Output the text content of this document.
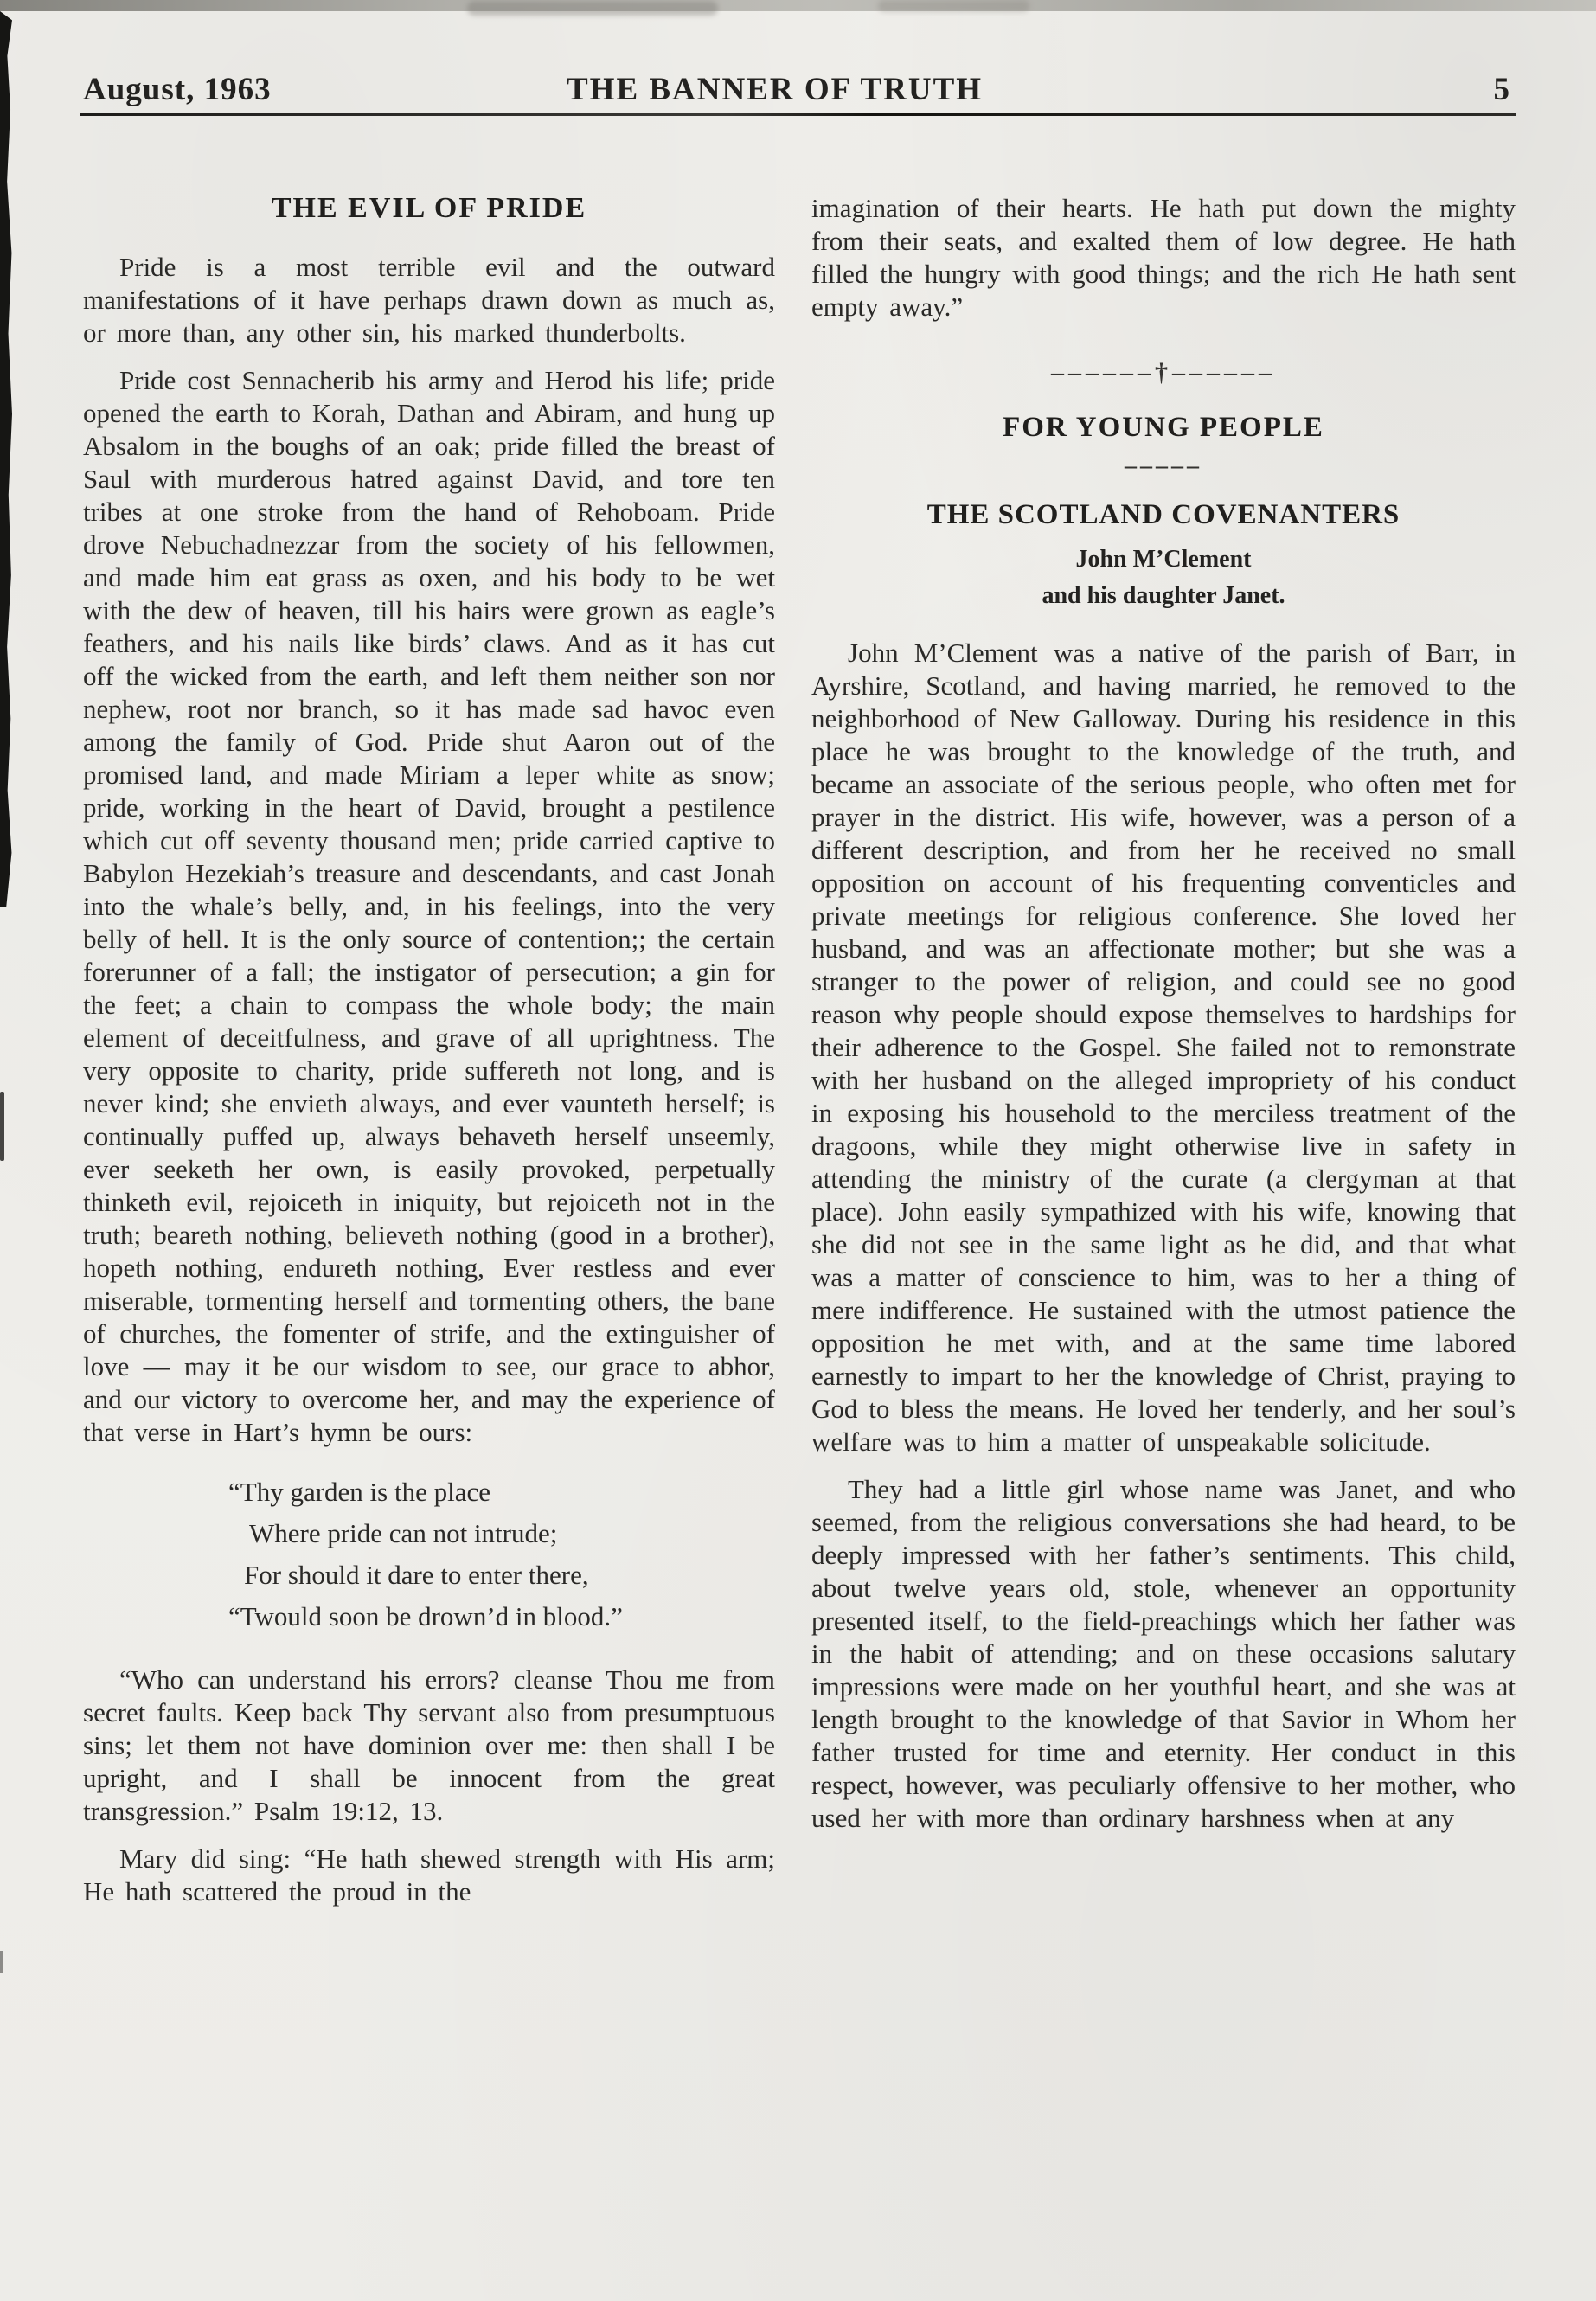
August, 1963	THE BANNER OF TRUTH	5
THE EVIL OF PRIDE

Pride is a most terrible evil and the outward manifestations of it have perhaps drawn down as much as, or more than, any other sin, his marked thunderbolts.

Pride cost Sennacherib his army and Herod his life; pride opened the earth to Korah, Dathan and Abiram, and hung up Absalom in the boughs of an oak; pride filled the breast of Saul with murderous hatred against David, and tore ten tribes at one stroke from the hand of Rehoboam. Pride drove Nebuchadnezzar from the society of his fellowmen, and made him eat grass as oxen, and his body to be wet with the dew of heaven, till his hairs were grown as eagle’s feathers, and his nails like birds’ claws. And as it has cut off the wicked from the earth, and left them neither son nor nephew, root nor branch, so it has made sad havoc even among the family of God. Pride shut Aaron out of the promised land, and made Miriam a leper white as snow; pride, working in the heart of David, brought a pestilence which cut off seventy thousand men; pride carried captive to Babylon Hezekiah’s treasure and descendants, and cast Jonah into the whale’s belly, and, in his feelings, into the very belly of hell. It is the only source of contention;; the certain forerunner of a fall; the instigator of persecution; a gin for the feet; a chain to compass the whole body; the main element of deceitfulness, and grave of all uprightness. The very opposite to charity, pride suffereth not long, and is never kind; she envieth always, and ever vaunteth herself; is continually puffed up, always behaveth herself unseemly, ever seeketh her own, is easily provoked, perpetually thinketh evil, rejoiceth in iniquity, but rejoiceth not in the truth; beareth nothing, believeth nothing (good in a brother), hopeth nothing, endureth nothing, Ever restless and ever miserable, tormenting herself and tormenting others, the bane of churches, the fomenter of strife, and the extinguisher of love — may it be our wisdom to see, our grace to abhor, and our victory to overcome her, and may the experience of that verse in Hart’s hymn be ours:

“Thy garden is the place
Where pride can not intrude;
For should it dare to enter there,
“Twould soon be drown’d in blood.”

“Who can understand his errors? cleanse Thou me from secret faults. Keep back Thy servant also from presumptuous sins; let them not have dominion over me: then shall I be upright, and I shall be innocent from the great transgression.” Psalm 19:12, 13.

Mary did sing: “He hath shewed strength with His arm; He hath scattered the proud in the

imagination of their hearts. He hath put down the mighty from their seats, and exalted them of low degree. He hath filled the hungry with good things; and the rich He hath sent empty away.”

––––––†––––––
FOR YOUNG PEOPLE
–––––
THE SCOTLAND COVENANTERS
John M’Clement
and his daughter Janet.

John M’Clement was a native of the parish of Barr, in Ayrshire, Scotland, and having married, he removed to the neighborhood of New Galloway. During his residence in this place he was brought to the knowledge of the truth, and became an associate of the serious people, who often met for prayer in the district. His wife, however, was a person of a different description, and from her he received no small opposition on account of his frequenting conventicles and private meetings for religious conference. She loved her husband, and was an affectionate mother; but she was a stranger to the power of religion, and could see no good reason why people should expose themselves to hardships for their adherence to the Gospel. She failed not to remonstrate with her husband on the alleged impropriety of his conduct in exposing his household to the merciless treatment of the dragoons, while they might otherwise live in safety in attending the ministry of the curate (a clergyman at that place). John easily sympathized with his wife, knowing that she did not see in the same light as he did, and that what was a matter of conscience to him, was to her a thing of mere indifference. He sustained with the utmost patience the opposition he met with, and at the same time labored earnestly to impart to her the knowledge of Christ, praying to God to bless the means. He loved her tenderly, and her soul’s welfare was to him a matter of unspeakable solicitude.

They had a little girl whose name was Janet, and who seemed, from the religious conversations she had heard, to be deeply impressed with her father’s sentiments. This child, about twelve years old, stole, whenever an opportunity presented itself, to the field-preachings which her father was in the habit of attending; and on these occasions salutary impressions were made on her youthful heart, and she was at length brought to the knowledge of that Savior in Whom her father trusted for time and eternity. Her conduct in this respect, however, was peculiarly offensive to her mother, who used her with more than ordinary harshness when at any
